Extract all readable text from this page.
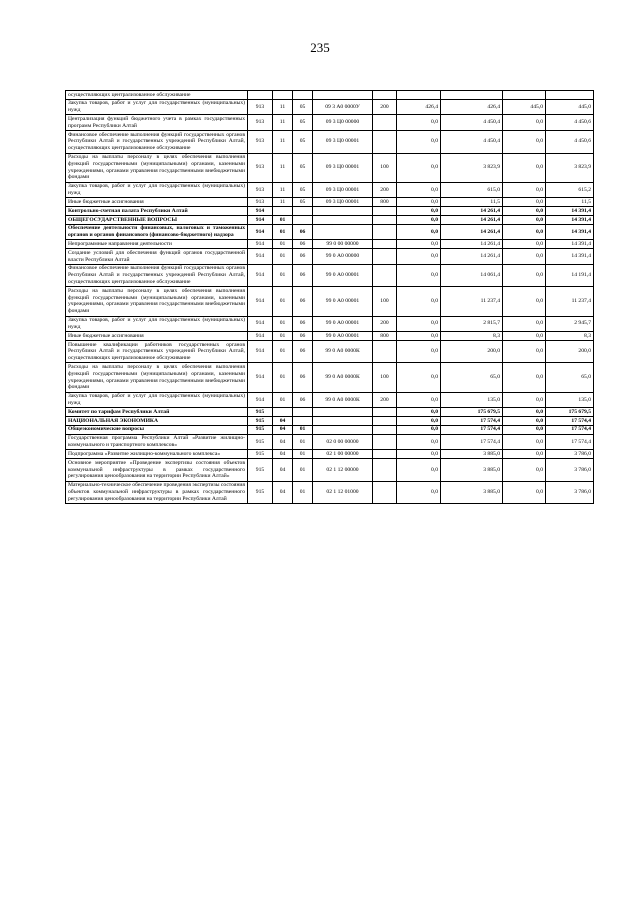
235
осуществляющих централизованное обслуживание									
Закупка товаров, работ и услуг для государственных (муниципальных) нужд	913	11	05	09 3 А0 0000У	200	426,4	426,4	445,0	445,0
Централизация функций бюджетного учета в рамках государственных программ Республики Алтай	913	11	05	09 3 Ц0 00000		0,0	4 450,4	0,0	4 450,6
Финансовое обеспечение выполнения функций государственных органов Республики Алтай и государственных учреждений Республики Алтай, осуществляющих централизованное обслуживание	913	11	05	09 3 Ц0 00001		0,0	4 450,4	0,0	4 450,6
Расходы на выплаты персоналу в целях обеспечения выполнения функций государственными (муниципальными) органами, казенными учреждениями, органами управления государственными внебюджетными фондами	913	11	05	09 3 Ц0 00001	100	0,0	3 823,9	0,0	3 823,9
Закупка товаров, работ и услуг для государственных (муниципальных) нужд	913	11	05	09 3 Ц0 00001	200	0,0	615,0	0,0	615,2
Иные бюджетные ассигнования	913	11	05	09 3 Ц0 00001	800	0,0	11,5	0,0	11,5
Контрольно-счетная палата Республики Алтай	914					0,0	14 261,4	0,0	14 391,4
ОБЩЕГОСУДАРСТВЕННЫЕ ВОПРОСЫ	914	01				0,0	14 261,4	0,0	14 391,4
Обеспечение деятельности финансовых, налоговых и таможенных органов и органов финансового (финансово-бюджетного) надзора	914	01	06			0,0	14 261,4	0,0	14 391,4
Непрограммные направления деятельности	914	01	06	99 0 00 00000		0,0	14 261,4	0,0	14 391,4
Создание условий для обеспечения функций органов государственной власти Республики Алтай	914	01	06	99 0 А0 00000		0,0	14 261,4	0,0	14 391,4
Финансовое обеспечение выполнения функций государственных органов Республики Алтай и государственных учреждений Республики Алтай, осуществляющих централизованное обслуживание	914	01	06	99 0 А0 00001		0,0	14 061,4	0,0	14 191,4
Расходы на выплаты персоналу в целях обеспечения выполнения функций государственными (муниципальными) органами, казенными учреждениями, органами управления государственными внебюджетными фондами	914	01	06	99 0 А0 00001	100	0,0	11 237,4	0,0	11 237,4
Закупка товаров, работ и услуг для государственных (муниципальных) нужд	914	01	06	99 0 А0 00001	200	0,0	2 815,7	0,0	2 945,7
Иные бюджетные ассигнования	914	01	06	99 0 А0 00001	800	0,0	8,3	0,0	8,3
Повышение квалификации работников государственных органов Республики Алтай и государственных учреждений Республики Алтай, осуществляющих централизованное обслуживание	914	01	06	99 0 А0 0000К		0,0	200,0	0,0	200,0
Расходы на выплаты персоналу в целях обеспечения выполнения функций государственными (муниципальными) органами, казенными учреждениями, органами управления государственными внебюджетными фондами	914	01	06	99 0 А0 0000К	100	0,0	65,0	0,0	65,0
Закупка товаров, работ и услуг для государственных (муниципальных) нужд	914	01	06	99 0 А0 0000К	200	0,0	135,0	0,0	135,0
Комитет по тарифам Республики Алтай	915					0,0	175 679,5	0,0	175 679,5
НАЦИОНАЛЬНАЯ ЭКОНОМИКА	915	04				0,0	17 574,4	0,0	17 574,4
Общеэкономические вопросы	915	04	01			0,0	17 574,4	0,0	17 574,4
Государственная программа Республики Алтай «Развитие жилищно-коммунального и транспортного комплексов»	915	04	01	02 0 00 00000		0,0	17 574,4	0,0	17 574,4
Подпрограмма «Развитие жилищно-коммунального комплекса»	915	04	01	02 1 00 00000		0,0	3 885,0	0,0	3 786,0
Основное мероприятие «Проведение экспертизы состояния объектов коммунальной инфраструктуры в рамках государственного регулирования ценообразования на территории Республики Алтай»	915	04	01	02 1 12 00000		0,0	3 885,0	0,0	3 786,0
Материально-техническое обеспечение проведения экспертизы состояния объектов коммунальной инфраструктуры в рамках государственного регулирования ценообразования на территории Республики Алтай	915	04	01	02 1 12 01000		0,0	3 885,0	0,0	3 786,0
